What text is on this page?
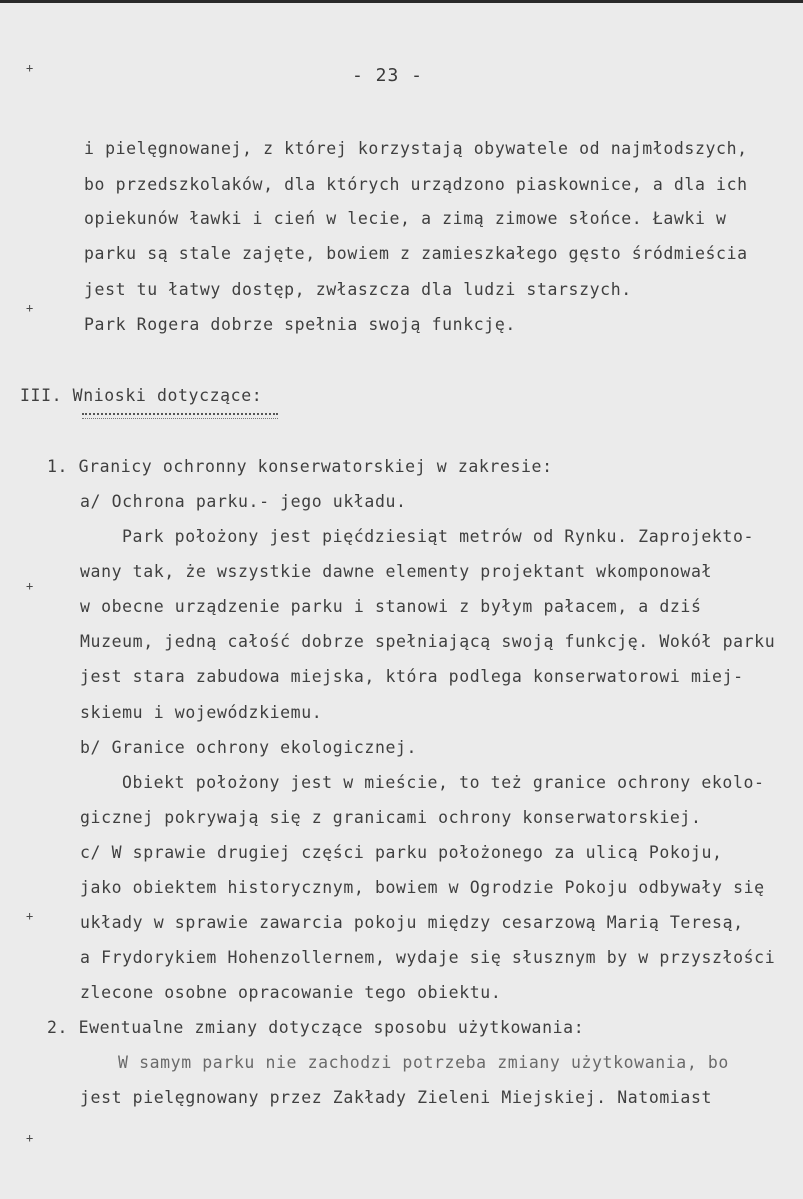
- 23 -
i pielęgnowanej, z której korzystają obywatele od najmłodszych,
bo przedszkolaków, dla których urządzono piaskownice, a dla ich
opiekunów ławki i cień w lecie, a zimą zimowe słońce. Ławki w
parku są stale zajęte, bowiem z zamieszkałego gęsto śródmieścia
jest tu łatwy dostęp, zwłaszcza dla ludzi starszych.
Park Rogera dobrze spełnia swoją funkcję.
III. Wnioski dotyczące:
1. Granicy ochronny konserwatorskiej w zakresie:
a/ Ochrona parku.- jego układu.
Park położony jest pięćdziesiąt metrów od Rynku. Zaprojekto-
wany tak, że wszystkie dawne elementy projektant wkomponował
w obecne urządzenie parku i stanowi z byłym pałacem, a dziś
Muzeum, jedną całość dobrze spełniającą swoją funkcję. Wokół parku
jest stara zabudowa miejska, która podlega konserwatorowi miej-
skiemu i wojewódzkiemu.
b/ Granice ochrony ekologicznej.
Obiekt położony jest w mieście, to też granice ochrony ekolo-
gicznej pokrywają się z granicami ochrony konserwatorskiej.
c/ W sprawie drugiej części parku położonego za ulicą Pokoju,
jako obiektem historycznym, bowiem w Ogrodzie Pokoju odbywały się
układy w sprawie zawarcia pokoju między cesarzową Marią Teresą,
a Frydorykiem Hohenzollernem, wydaje się słusznym by w przyszłości
zlecone osobne opracowanie tego obiektu.
2. Ewentualne zmiany dotyczące sposobu użytkowania:
W samym parku nie zachodzi potrzeba zmiany użytkowania, bo
jest pielęgnowany przez Zakłady Zieleni Miejskiej. Natomiast
+
+
+
+
+
